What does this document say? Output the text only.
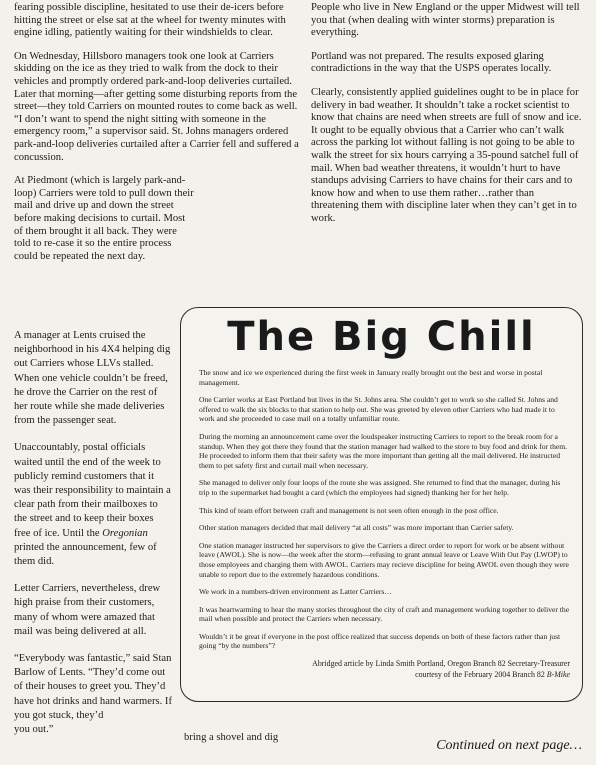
fearing possible discipline, hesitated to use their de-icers before hitting the street or else sat at the wheel for twenty minutes with engine idling, patiently waiting for their windshields to clear.

On Wednesday, Hillsboro managers took one look at Carriers skidding on the ice as they tried to walk from the dock to their vehicles and promptly ordered park-and-loop deliveries curtailed. Later that morning—after getting some disturbing reports from the street—they told Carriers on mounted routes to come back as well. “I don’t want to spend the night sitting with someone in the emergency room,” a supervisor said. St. Johns managers ordered park-and-loop deliveries curtailed after a Carrier fell and suffered a concussion.

At Piedmont (which is largely park-and-loop) Carriers were told to pull down their mail and drive up and down the street before making decisions to curtail. Most of them brought it all back. They were told to re-case it so the entire process could be repeated the next day.

A manager at Lents cruised the neighborhood in his 4X4 helping dig out Carriers whose LLVs stalled. When one vehicle couldn’t be freed, he drove the Carrier on the rest of her route while she made deliveries from the passenger seat.

Unaccountably, postal officials waited until the end of the week to publicly remind customers that it was their responsibility to maintain a clear path from their mailboxes to the street and to keep their boxes free of ice. Until the Oregonian printed the announcement, few of them did.

Letter Carriers, nevertheless, drew high praise from their customers, many of whom were amazed that mail was being delivered at all.

“Everybody was fantastic,” said Stan Barlow of Lents. “They’d come out of their houses to greet you. They’d have hot drinks and hand warmers. If you got stuck, they’d
you out.”

People who live in New England or the upper Midwest will tell you that (when dealing with winter storms) preparation is everything.

Portland was not prepared. The results exposed glaring contradictions in the way that the USPS operates locally.

Clearly, consistently applied guidelines ought to be in place for delivery in bad weather. It shouldn’t take a rocket scientist to know that chains are need when streets are full of snow and ice. It ought to be equally obvious that a Carrier who can’t walk across the parking lot without falling is not going to be able to walk the street for six hours carrying a 35-pound satchel full of mail. When bad weather threatens, it wouldn’t hurt to have standups advising Carriers to have chains for their cars and to know how and when to use them rather…rather than threatening them with discipline later when they can’t get in to work.

The Big Chill

The snow and ice we experienced during the first week in January really brought out the best and worse in postal management.

One Carrier works at East Portland but lives in the St. Johns area. She couldn’t get to work so she called St. Johns and offered to walk the six blocks to that station to help out. She was greeted by eleven other Carriers who had made it to work and she proceeded to case mail on a totally unfamiliar route.

During the morning an announcement came over the loudspeaker instructing Carriers to report to the break room for a standup. When they got there they found that the station manager had walked to the store to buy food and drink for them. He proceeded to inform them that their safety was the more important than getting all the mail delivered. He instructed them to pet safety first and curtail mail when necessary.

She managed to deliver only four loops of the route she was assigned. She returned to find that the manager, during his trip to the supermarket had bought a card (which the employees had signed) thanking her for her help.

This kind of team effort between craft and management is not seen often enough in the post office.

Other station managers decided that mail delivery “at all costs” was more important than Carrier safety.

One station manager instructed her supervisors to give the Carriers a direct order to report for work or be absent without leave (AWOL). She is now—the week after the storm—refusing to grant annual leave or Leave With Out Pay (LWOP) to those employees and charging them with AWOL. Carriers may recieve discipline for being AWOL even though they were unable to report due to the extremely hazardous conditions.

We work in a numbers-driven environment as Latter Carriers…

It was heartwarming to hear the many stories throughout the city of craft and management working together to deliver the mail when possible and protect the Carriers when necessary.

Wouldn’t it be great if everyone in the post office realized that success depends on both of these factors rather than just going “by the numbers”?

Abridged article by Linda Smith Portland, Oregon Branch 82 Secretary-Treasurer
courtesy of the February 2004 Branch 82 B-Mike
bring a shovel and dig
Continued on next page…
